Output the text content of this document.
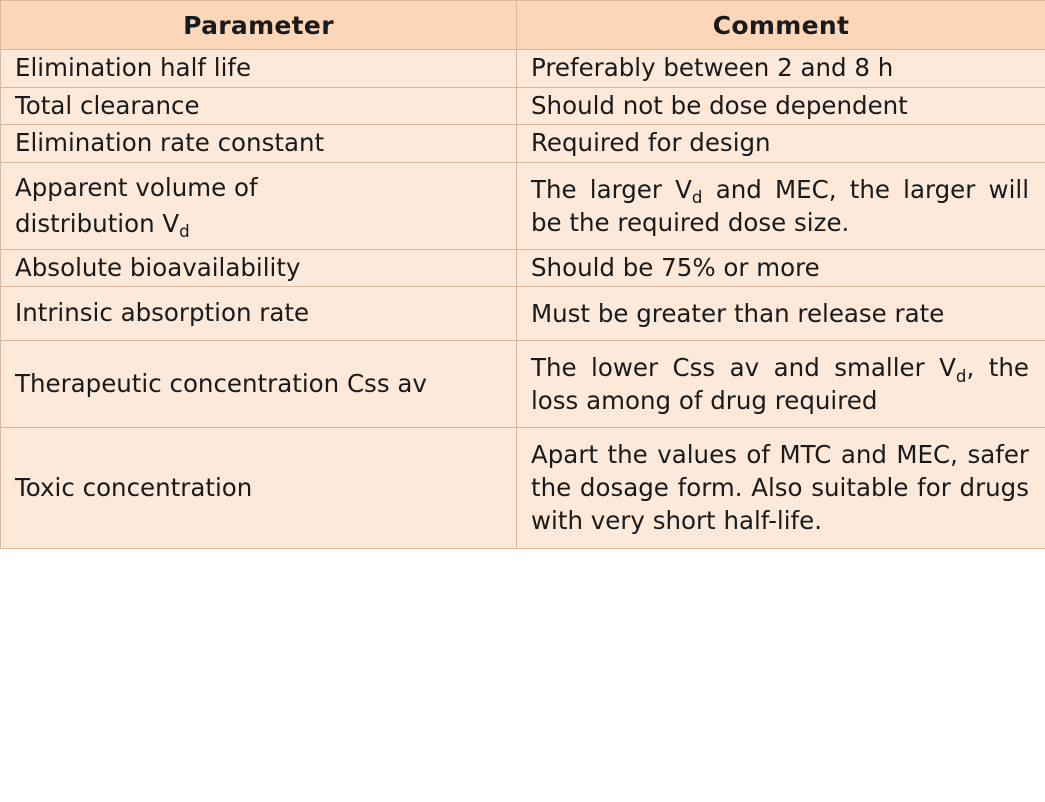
Parameter	Comment

Elimination half life	Preferably between 2 and 8 h

Total clearance	Should not be dose dependent

Elimination rate constant	Required for design

Apparent volume of
distribution $V_d$	The larger $V_d$ and MEC, the larger will be the required dose size.

Absolute bioavailability	Should be 75% or more

Intrinsic absorption rate	Must be greater than release rate

Therapeutic concentration Css av	The lower Css av and smaller $V_d$, the loss among of drug required

Toxic concentration	Apart the values of MTC and MEC, safer the dosage form. Also suitable for drugs with very short half-life.
